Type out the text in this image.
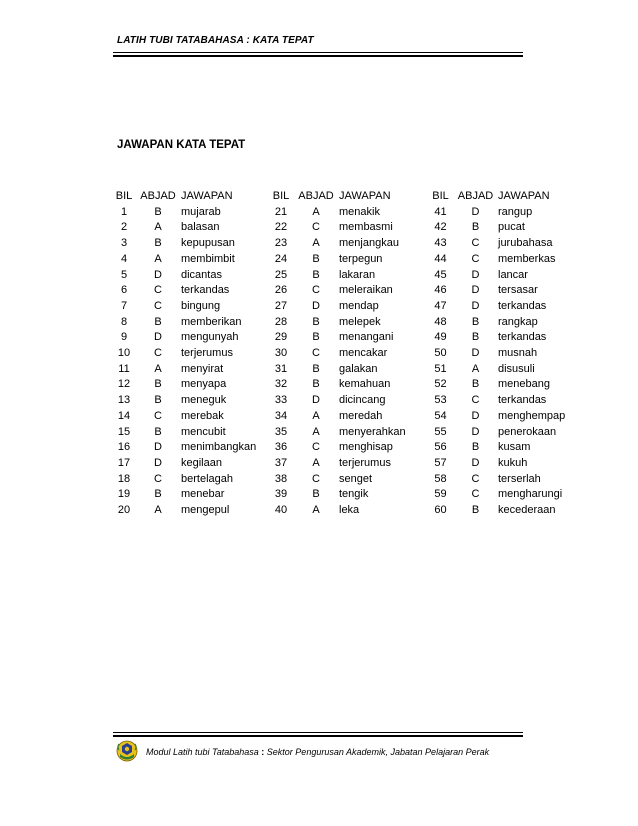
LATIH TUBI TATABAHASA : KATA TEPAT
JAWAPAN KATA TEPAT
BIL	ABJAD	JAWAPAN	BIL	ABJAD	JAWAPAN	BIL	ABJAD	JAWAPAN
1	B	mujarab	21	A	menakik	41	D	rangup
2	A	balasan	22	C	membasmi	42	B	pucat
3	B	kepupusan	23	A	menjangkau	43	C	jurubahasa
4	A	membimbit	24	B	terpegun	44	C	memberkas
5	D	dicantas	25	B	lakaran	45	D	lancar
6	C	terkandas	26	C	meleraikan	46	D	tersasar
7	C	bingung	27	D	mendap	47	D	terkandas
8	B	memberikan	28	B	melepek	48	B	rangkap
9	D	mengunyah	29	B	menangani	49	B	terkandas
10	C	terjerumus	30	C	mencakar	50	D	musnah
11	A	menyirat	31	B	galakan	51	A	disusuli
12	B	menyapa	32	B	kemahuan	52	B	menebang
13	B	meneguk	33	D	dicincang	53	C	terkandas
14	C	merebak	34	A	meredah	54	D	menghempap
15	B	mencubit	35	A	menyerahkan	55	D	penerokaan
16	D	menimbangkan	36	C	menghisap	56	B	kusam
17	D	kegilaan	37	A	terjerumus	57	D	kukuh
18	C	bertelagah	38	C	senget	58	C	terserlah
19	B	menebar	39	B	tengik	59	C	mengharungi
20	A	mengepul	40	A	leka	60	B	kecederaan
Modul Latih tubi Tatabahasa : Sektor Pengurusan Akademik, Jabatan Pelajaran Perak
